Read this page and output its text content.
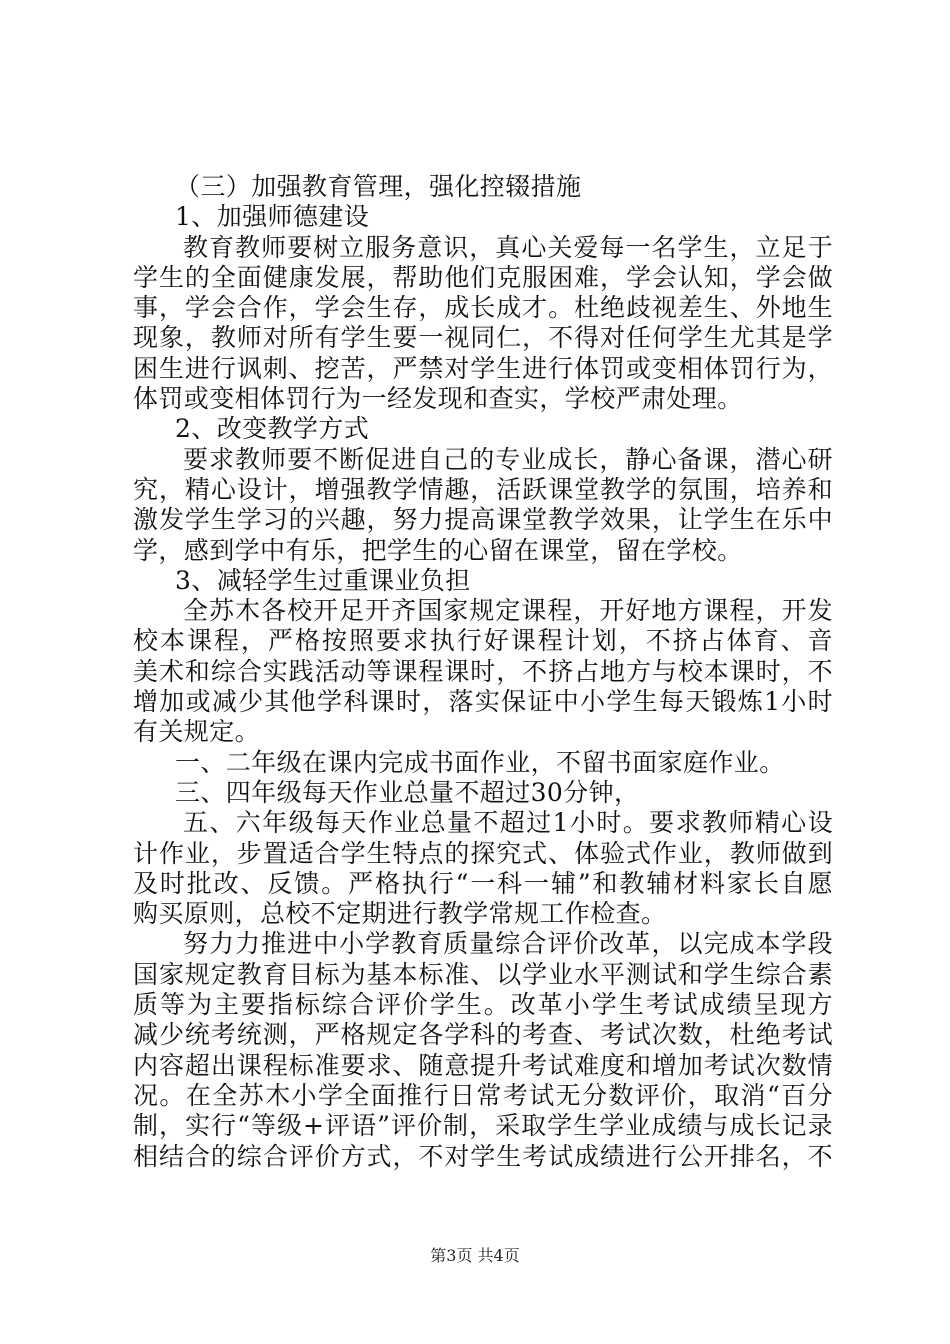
（三）加强教育管理，强化控辍措施
1、加强师德建设
教育教师要树立服务意识，真心关爱每一名学生，立足于
学生的全面健康发展，帮助他们克服困难，学会认知，学会做
事，学会合作，学会生存，成长成才。杜绝歧视差生、外地生
现象，教师对所有学生要一视同仁，不得对任何学生尤其是学
困生进行讽刺、挖苦，严禁对学生进行体罚或变相体罚行为，
体罚或变相体罚行为一经发现和查实，学校严肃处理。
2、改变教学方式
要求教师要不断促进自己的专业成长，静心备课，潜心研
究，精心设计，增强教学情趣，活跃课堂教学的氛围，培养和
激发学生学习的兴趣，努力提高课堂教学效果，让学生在乐中
学，感到学中有乐，把学生的心留在课堂，留在学校。
3、减轻学生过重课业负担
全苏木各校开足开齐国家规定课程，开好地方课程，开发
校本课程，严格按照要求执行好课程计划，不挤占体育、音
美术和综合实践活动等课程课时，不挤占地方与校本课时，不
增加或减少其他学科课时，落实保证中小学生每天锻炼1小时
有关规定。
一、二年级在课内完成书面作业，不留书面家庭作业。
三、四年级每天作业总量不超过30分钟，
五、六年级每天作业总量不超过1小时。要求教师精心设
计作业，步置适合学生特点的探究式、体验式作业，教师做到
及时批改、反馈。严格执行“一科一辅”和教辅材料家长自愿
购买原则，总校不定期进行教学常规工作检查。
努力力推进中小学教育质量综合评价改革，以完成本学段
国家规定教育目标为基本标准、以学业水平测试和学生综合素
质等为主要指标综合评价学生。改革小学生考试成绩呈现方
减少统考统测，严格规定各学科的考查、考试次数，杜绝考试
内容超出课程标准要求、随意提升考试难度和增加考试次数情
况。在全苏木小学全面推行日常考试无分数评价，取消“百分
制，实行“等级+评语”评价制，采取学生学业成绩与成长记录
相结合的综合评价方式，不对学生考试成绩进行公开排名，不
第3页 共4页
